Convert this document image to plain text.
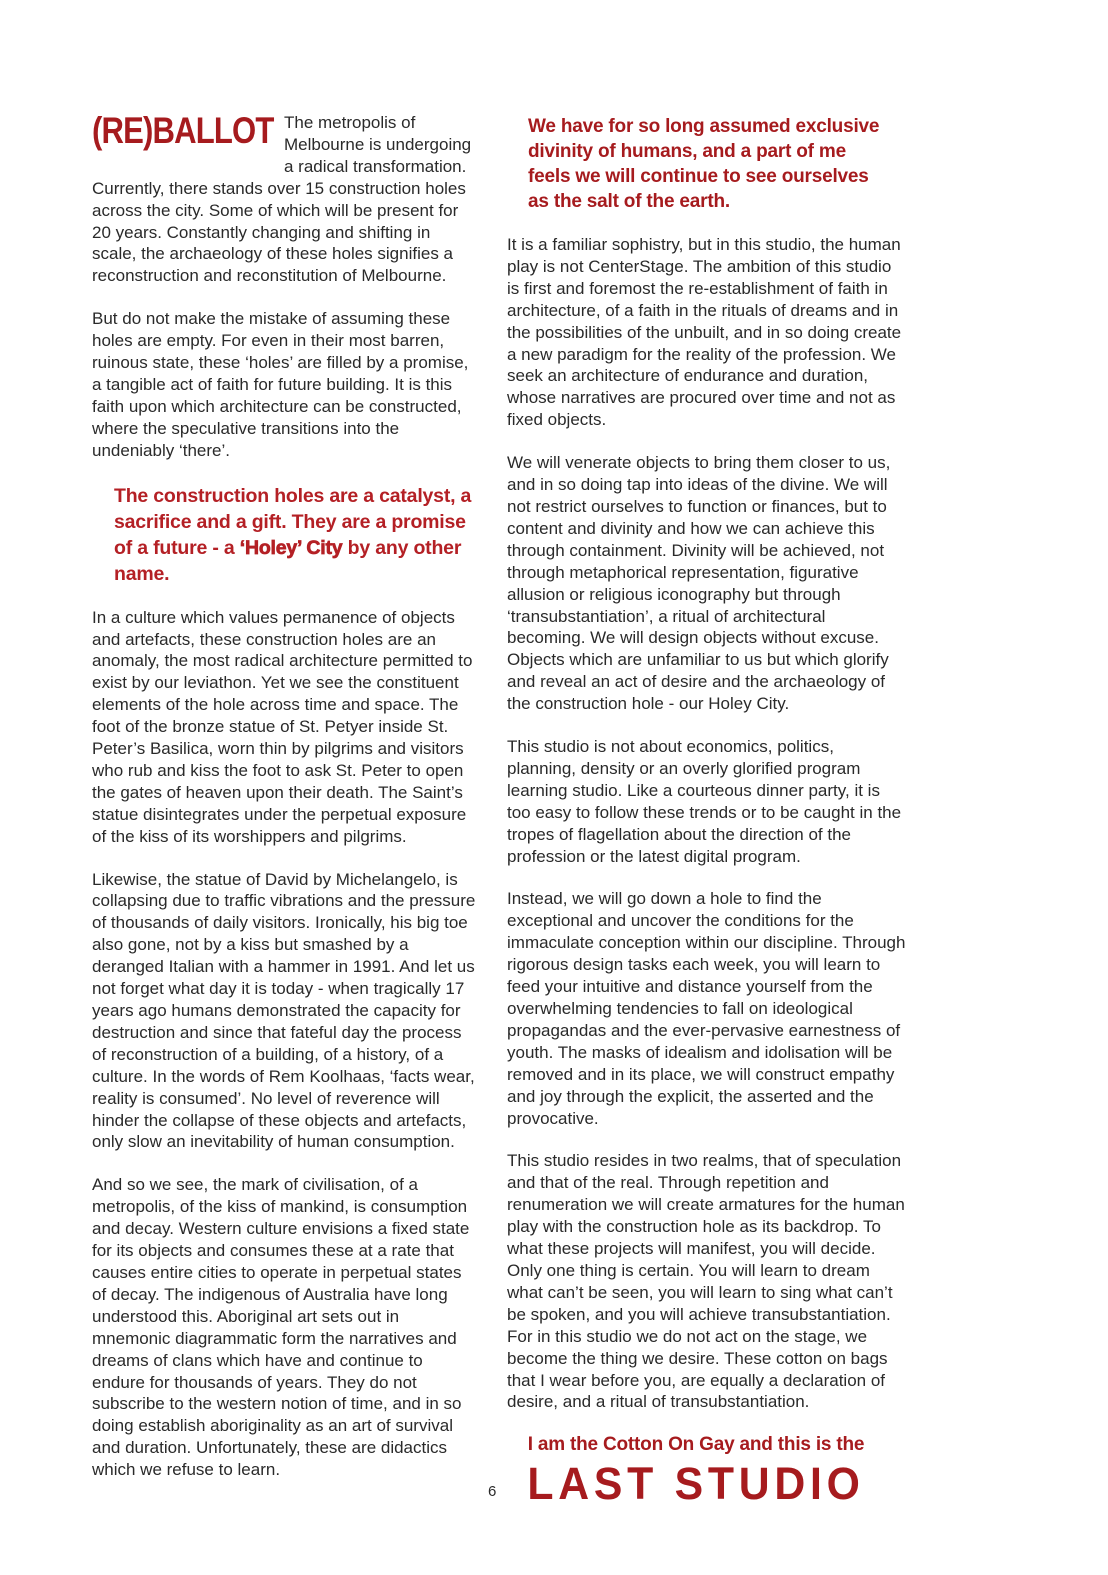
(RE)BALLOT The metropolis of Melbourne is undergoing a radical transformation. Currently, there stands over 15 construction holes across the city. Some of which will be present for 20 years. Constantly changing and shifting in scale, the archaeology of these holes signifies a reconstruction and reconstitution of Melbourne.

But do not make the mistake of assuming these holes are empty. For even in their most barren, ruinous state, these ‘holes’ are filled by a promise, a tangible act of faith for future building. It is this faith upon which architecture can be constructed, where the speculative transitions into the undeniably ‘there’.

The construction holes are a catalyst, a sacrifice and a gift. They are a promise of a future - a ‘Holey’ City by any other name.

In a culture which values permanence of objects and artefacts, these construction holes are an anomaly, the most radical architecture permitted to exist by our leviathon. Yet we see the constituent elements of the hole across time and space. The foot of the bronze statue of St. Petyer inside St. Peter’s Basilica, worn thin by pilgrims and visitors who rub and kiss the foot to ask St. Peter to open the gates of heaven upon their death. The Saint’s statue disintegrates under the perpetual exposure of the kiss of its worshippers and pilgrims.

Likewise, the statue of David by Michelangelo, is collapsing due to traffic vibrations and the pressure of thousands of daily visitors. Ironically, his big toe also gone, not by a kiss but smashed by a deranged Italian with a hammer in 1991. And let us not forget what day it is today - when tragically 17 years ago humans demonstrated the capacity for destruction and since that fateful day the process of reconstruction of a building, of a history, of a culture. In the words of Rem Koolhaas, ‘facts wear, reality is consumed’. No level of reverence will hinder the collapse of these objects and artefacts, only slow an inevitability of human consumption.

And so we see, the mark of civilisation, of a metropolis, of the kiss of mankind, is consumption and decay. Western culture envisions a fixed state for its objects and consumes these at a rate that causes entire cities to operate in perpetual states of decay. The indigenous of Australia have long understood this. Aboriginal art sets out in mnemonic diagrammatic form the narratives and dreams of clans which have and continue to endure for thousands of years. They do not subscribe to the western notion of time, and in so doing establish aboriginality as an art of survival and duration. Unfortunately, these are didactics which we refuse to learn.

We have for so long assumed exclusive divinity of humans, and a part of me feels we will continue to see ourselves as the salt of the earth.

It is a familiar sophistry, but in this studio, the human play is not CenterStage. The ambition of this studio is first and foremost the re-establishment of faith in architecture, of a faith in the rituals of dreams and in the possibilities of the unbuilt, and in so doing create a new paradigm for the reality of the profession. We seek an architecture of endurance and duration, whose narratives are procured over time and not as fixed objects.

We will venerate objects to bring them closer to us, and in so doing tap into ideas of the divine. We will not restrict ourselves to function or finances, but to content and divinity and how we can achieve this through containment. Divinity will be achieved, not through metaphorical representation, figurative allusion or religious iconography but through ‘transubstantiation’, a ritual of architectural becoming. We will design objects without excuse. Objects which are unfamiliar to us but which glorify and reveal an act of desire and the archaeology of the construction hole - our Holey City.

This studio is not about economics, politics, planning, density or an overly glorified program learning studio. Like a courteous dinner party, it is too easy to follow these trends or to be caught in the tropes of flagellation about the direction of the profession or the latest digital program.

Instead, we will go down a hole to find the exceptional and uncover the conditions for the immaculate conception within our discipline. Through rigorous design tasks each week, you will learn to feed your intuitive and distance yourself from the overwhelming tendencies to fall on ideological propagandas and the ever-pervasive earnestness of youth. The masks of idealism and idolisation will be removed and in its place, we will construct empathy and joy through the explicit, the asserted and the provocative.

This studio resides in two realms, that of speculation and that of the real. Through repetition and renumeration we will create armatures for the human play with the construction hole as its backdrop. To what these projects will manifest, you will decide. Only one thing is certain. You will learn to dream what can’t be seen, you will learn to sing what can’t be spoken, and you will achieve transubstantiation. For in this studio we do not act on the stage, we become the thing we desire. These cotton on bags that I wear before you, are equally a declaration of desire, and a ritual of transubstantiation.

I am the Cotton On Gay and this is the
LAST STUDIO
6
